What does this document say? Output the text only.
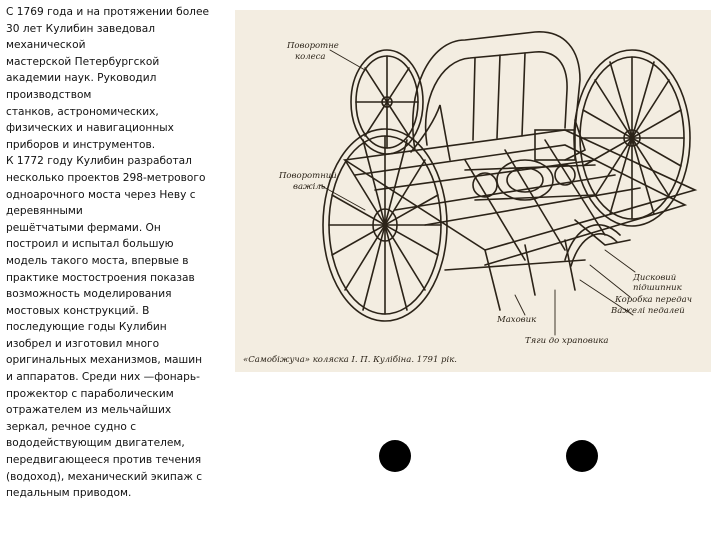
С 1769 года и на протяжении более
30 лет Кулибин заведовал
механической
мастерской Петербургской
академии наук. Руководил
производством
станков, астрономических,
физических и навигационных
приборов и инструментов.
К 1772 году Кулибин разработал
несколько проектов 298-метрового
одноарочного моста через Неву с
деревянными
решётчатыми фермами. Он
построил и испытал большую
модель такого моста, впервые в
практике мостостроения показав
возможность моделирования
мостовых конструкций. В
последующие годы Кулибин
изобрел и изготовил много
оригинальных механизмов, машин
и аппаратов. Среди них —фонарь-
прожектор с параболическим
отражателем из мельчайших
зеркал, речное судно с
вододействующим двигателем,
передвигающееся против течения
(водоход), механический экипаж с
педальным приводом.
Поворотне
колеса
Поворотний
важіль
Дисковий
підшипник
Коробка передач
Важелі педалей
Маховик
Тяги до храповика
«Самобіжуча» коляска І. П. Кулібіна. 1791 рік.
